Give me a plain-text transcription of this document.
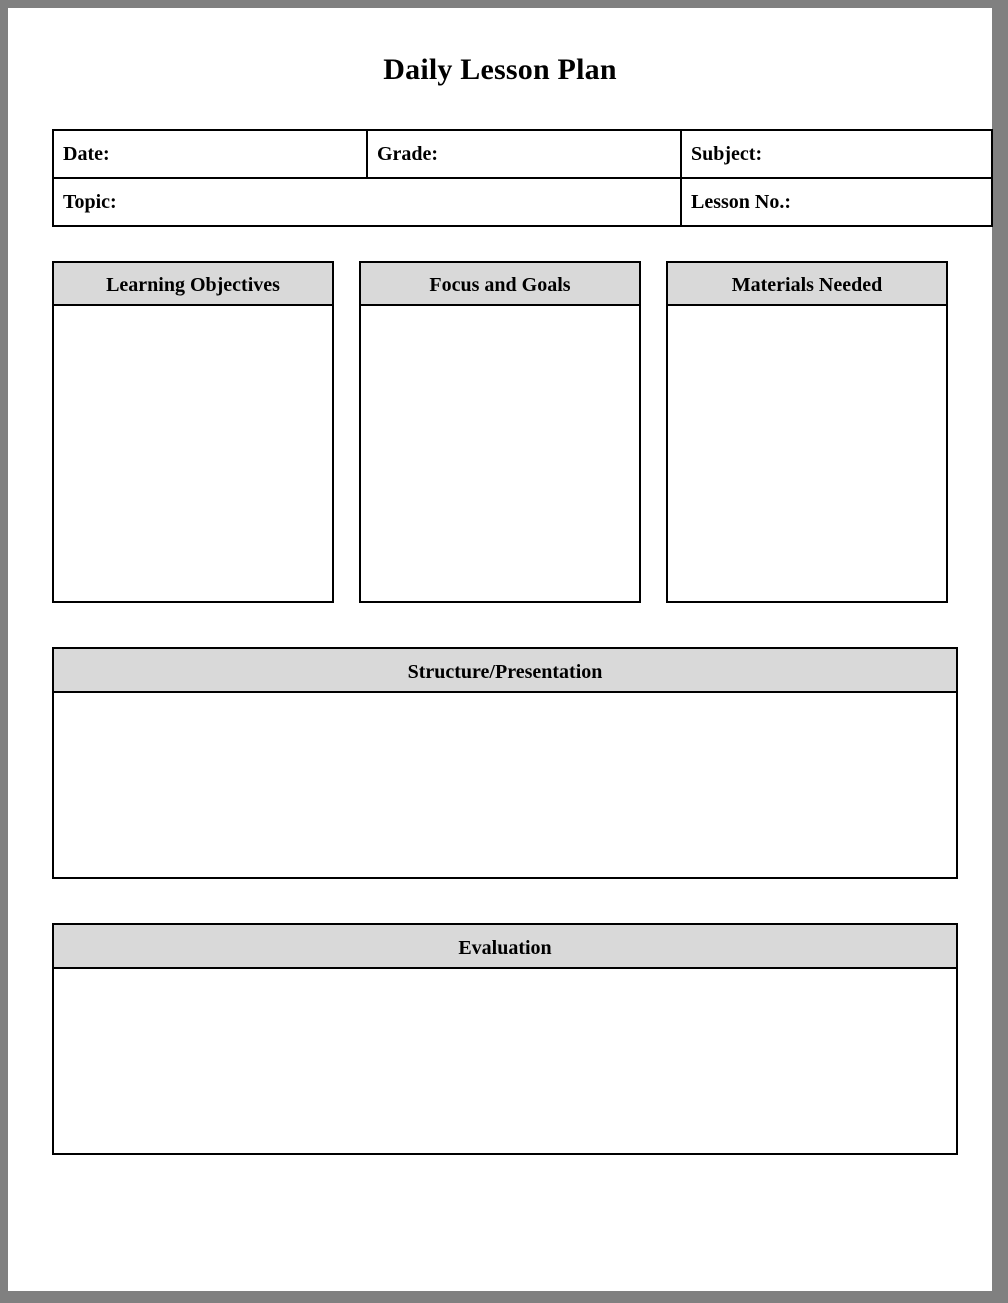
Daily Lesson Plan
Date:	Grade:	Subject:
Topic:		Lesson No.:
Learning Objectives	Focus and Goals	Materials Needed
Structure/Presentation
Evaluation
